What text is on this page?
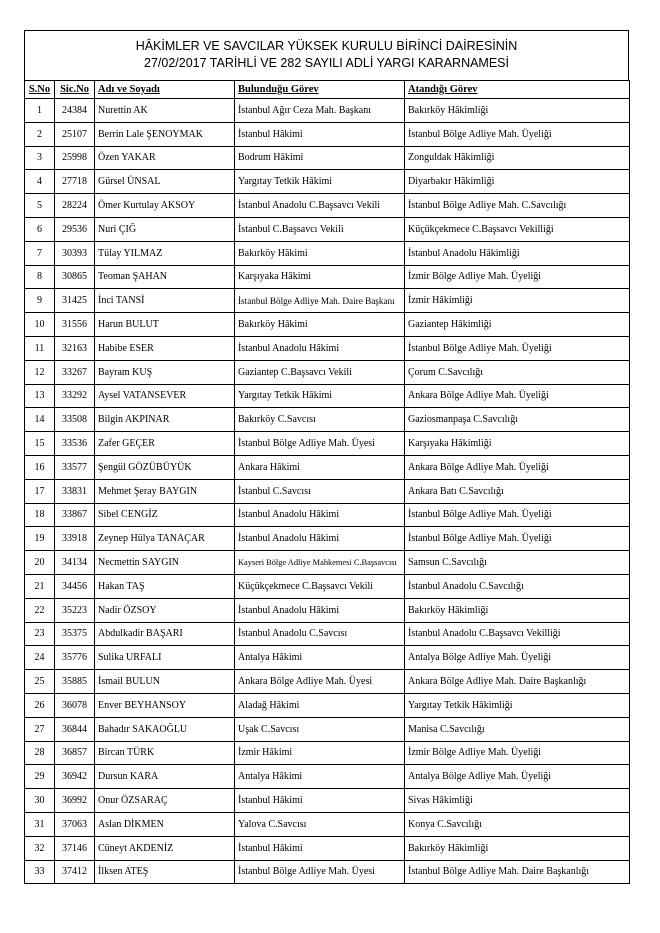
HÂKİMLER VE SAVCILAR YÜKSEK KURULU BİRİNCİ DAİRESİNİN
27/02/2017 TARİHLİ VE 282 SAYILI ADLİ YARGI KARARNAMESİ
S.No	Sic.No	Adı ve Soyadı	Bulunduğu Görev	Atandığı Görev
1	24384	Nurettin AK	İstanbul Ağır Ceza Mah. Başkanı	Bakırköy Hâkimliği
2	25107	Berrin Lale ŞENOYMAK	İstanbul Hâkimi	İstanbul Bölge Adliye Mah. Üyeliği
3	25998	Özen YAKAR	Bodrum Hâkimi	Zonguldak Hâkimliği
4	27718	Gürsel ÜNSAL	Yargıtay Tetkik Hâkimi	Diyarbakır Hâkimliği
5	28224	Ömer Kurtulay AKSOY	İstanbul Anadolu C.Başsavcı Vekili	İstanbul Bölge Adliye Mah. C.Savcılığı
6	29536	Nuri ÇIĞ	İstanbul C.Başsavcı Vekili	Küçükçekmece C.Başsavcı Vekilliği
7	30393	Tülay YILMAZ	Bakırköy Hâkimi	İstanbul Anadolu Hâkimliği
8	30865	Teoman ŞAHAN	Karşıyaka Hâkimi	İzmir Bölge Adliye Mah. Üyeliği
9	31425	İnci TANSİ	İstanbul Bölge Adliye Mah. Daire Başkanı	İzmir Hâkimliği
10	31556	Harun BULUT	Bakırköy Hâkimi	Gaziantep Hâkimliği
11	32163	Habibe ESER	İstanbul Anadolu Hâkimi	İstanbul Bölge Adliye Mah. Üyeliği
12	33267	Bayram KUŞ	Gaziantep C.Başsavcı Vekili	Çorum C.Savcılığı
13	33292	Aysel VATANSEVER	Yargıtay Tetkik Hâkimi	Ankara Bölge Adliye Mah. Üyeliği
14	33508	Bilgin AKPINAR	Bakırköy C.Savcısı	Gaziosmanpaşa C.Savcılığı
15	33536	Zafer GEÇER	İstanbul Bölge Adliye Mah. Üyesi	Karşıyaka Hâkimliği
16	33577	Şengül GÖZÜBÜYÜK	Ankara Hâkimi	Ankara Bölge Adliye Mah. Üyeliği
17	33831	Mehmet Şeray BAYGIN	İstanbul C.Savcısı	Ankara Batı C.Savcılığı
18	33867	Sibel CENGİZ	İstanbul Anadolu Hâkimi	İstanbul Bölge Adliye Mah. Üyeliği
19	33918	Zeynep Hülya TANAÇAR	İstanbul Anadolu Hâkimi	İstanbul Bölge Adliye Mah. Üyeliği
20	34134	Necmettin SAYGIN	Kayseri Bölge Adliye Mahkemesi C.Başsavcısı	Samsun C.Savcılığı
21	34456	Hakan TAŞ	Küçükçekmece C.Başsavcı Vekili	İstanbul Anadolu C.Savcılığı
22	35223	Nadir ÖZSOY	İstanbul Anadolu Hâkimi	Bakırköy Hâkimliği
23	35375	Abdulkadir BAŞARI	İstanbul Anadolu C.Savcısı	İstanbul Anadolu C.Başsavcı Vekilliği
24	35776	Sulika URFALI	Antalya Hâkimi	Antalya Bölge Adliye Mah. Üyeliği
25	35885	İsmail BULUN	Ankara Bölge Adliye Mah. Üyesi	Ankara Bölge Adliye Mah. Daire Başkanlığı
26	36078	Enver BEYHANSOY	Aladağ Hâkimi	Yargıtay Tetkik Hâkimliği
27	36844	Bahadır SAKAOĞLU	Uşak C.Savcısı	Manisa C.Savcılığı
28	36857	Bircan TÜRK	İzmir Hâkimi	İzmir Bölge Adliye Mah. Üyeliği
29	36942	Dursun KARA	Antalya Hâkimi	Antalya Bölge Adliye Mah. Üyeliği
30	36992	Onur ÖZSARAÇ	İstanbul Hâkimi	Sivas Hâkimliği
31	37063	Aslan DİKMEN	Yalova C.Savcısı	Konya C.Savcılığı
32	37146	Cüneyt AKDENİZ	İstanbul Hâkimi	Bakırköy Hâkimliği
33	37412	İlksen ATEŞ	İstanbul Bölge Adliye Mah. Üyesi	İstanbul Bölge Adliye Mah. Daire Başkanlığı
